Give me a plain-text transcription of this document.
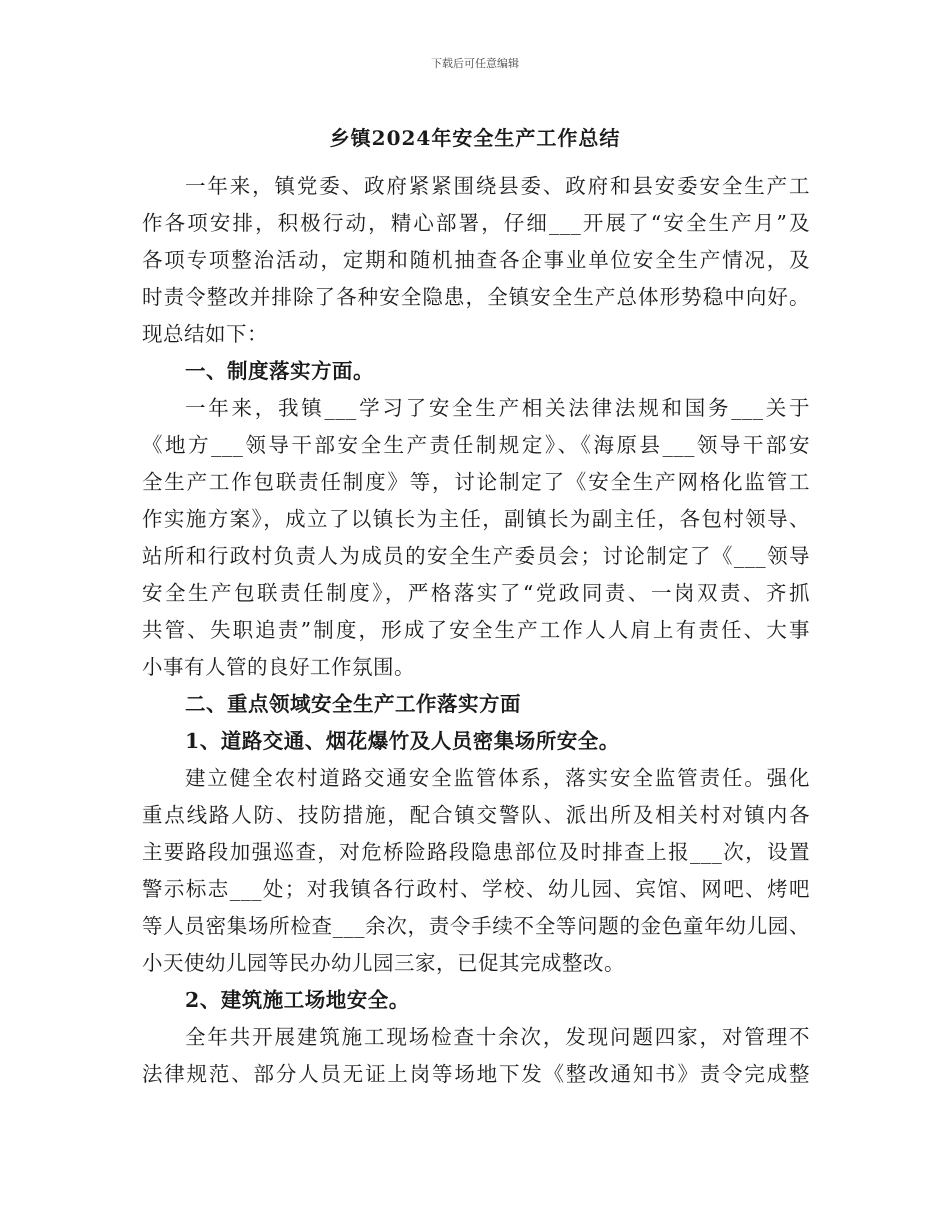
下载后可任意编辑
乡镇2024年安全生产工作总结
一年来，镇党委、政府紧紧围绕县委、政府和县安委安全生产工
作各项安排，积极行动，精心部署，仔细___开展了“安全生产月”及
各项专项整治活动，定期和随机抽查各企事业单位安全生产情况，及
时责令整改并排除了各种安全隐患，全镇安全生产总体形势稳中向好。
现总结如下：
一、制度落实方面。
一年来，我镇___学习了安全生产相关法律法规和国务___关于
《地方___领导干部安全生产责任制规定》、《海原县___领导干部安
全生产工作包联责任制度》等，讨论制定了《安全生产网格化监管工
作实施方案》，成立了以镇长为主任，副镇长为副主任，各包村领导、
站所和行政村负责人为成员的安全生产委员会；讨论制定了《___领导
安全生产包联责任制度》，严格落实了“党政同责、一岗双责、齐抓
共管、失职追责”制度，形成了安全生产工作人人肩上有责任、大事
小事有人管的良好工作氛围。
二、重点领域安全生产工作落实方面
1、道路交通、烟花爆竹及人员密集场所安全。
建立健全农村道路交通安全监管体系，落实安全监管责任。强化
重点线路人防、技防措施，配合镇交警队、派出所及相关村对镇内各
主要路段加强巡查，对危桥险路段隐患部位及时排查上报___次，设置
警示标志___处；对我镇各行政村、学校、幼儿园、宾馆、网吧、烤吧
等人员密集场所检查___余次，责令手续不全等问题的金色童年幼儿园、
小天使幼儿园等民办幼儿园三家，已促其完成整改。
2、建筑施工场地安全。
全年共开展建筑施工现场检查十余次，发现问题四家，对管理不
法律规范、部分人员无证上岗等场地下发《整改通知书》责令完成整
